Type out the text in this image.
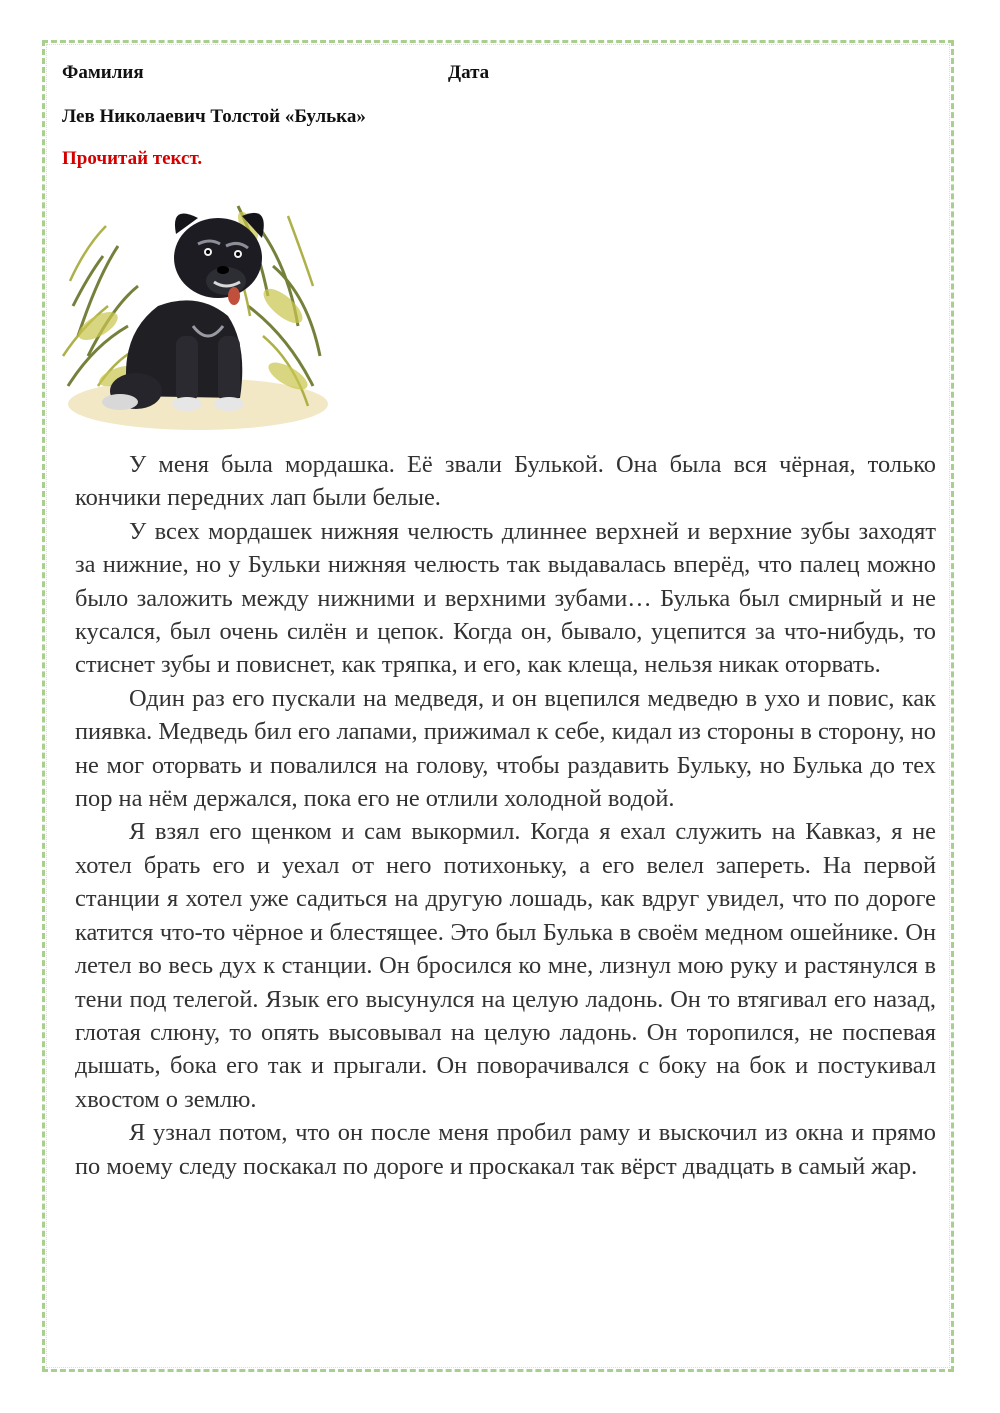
Фамилия	Дата
Лев Николаевич Толстой «Булька»
Прочитай текст.

У меня была мордашка. Её звали Булькой. Она была вся чёрная, только кончики передних лап были белые.

У всех мордашек нижняя челюсть длиннее верхней и верхние зубы заходят за нижние, но у Бульки нижняя челюсть так выдавалась вперёд, что палец можно было заложить между нижними и верхними зубами… Булька был смирный и не кусался, был очень силён и цепок. Когда он, бывало, уцепится за что-нибудь, то стиснет зубы и повиснет, как тряпка, и его, как клеща, нельзя никак оторвать.

Один раз его пускали на медведя, и он вцепился медведю в ухо и повис, как пиявка. Медведь бил его лапами, прижимал к себе, кидал из стороны в сторону, но не мог оторвать и повалился на голову, чтобы раздавить Бульку, но Булька до тех пор на нём держался, пока его не отлили холодной водой.

Я взял его щенком и сам выкормил. Когда я ехал служить на Кавказ, я не хотел брать его и уехал от него потихоньку, а его велел запереть. На первой станции я хотел уже садиться на другую лошадь, как вдруг увидел, что по дороге катится что-то чёрное и блестящее. Это был Булька в своём медном ошейнике. Он летел во весь дух к станции. Он бросился ко мне, лизнул мою руку и растянулся в тени под телегой. Язык его высунулся на целую ладонь. Он то втягивал его назад, глотая слюну, то опять высовывал на целую ладонь. Он торопился, не поспевая дышать, бока его так и прыгали. Он поворачивался с боку на бок и постукивал хвостом о землю.

Я узнал потом, что он после меня пробил раму и выскочил из окна и прямо по моему следу поскакал по дороге и проскакал так вёрст двадцать в самый жар.
